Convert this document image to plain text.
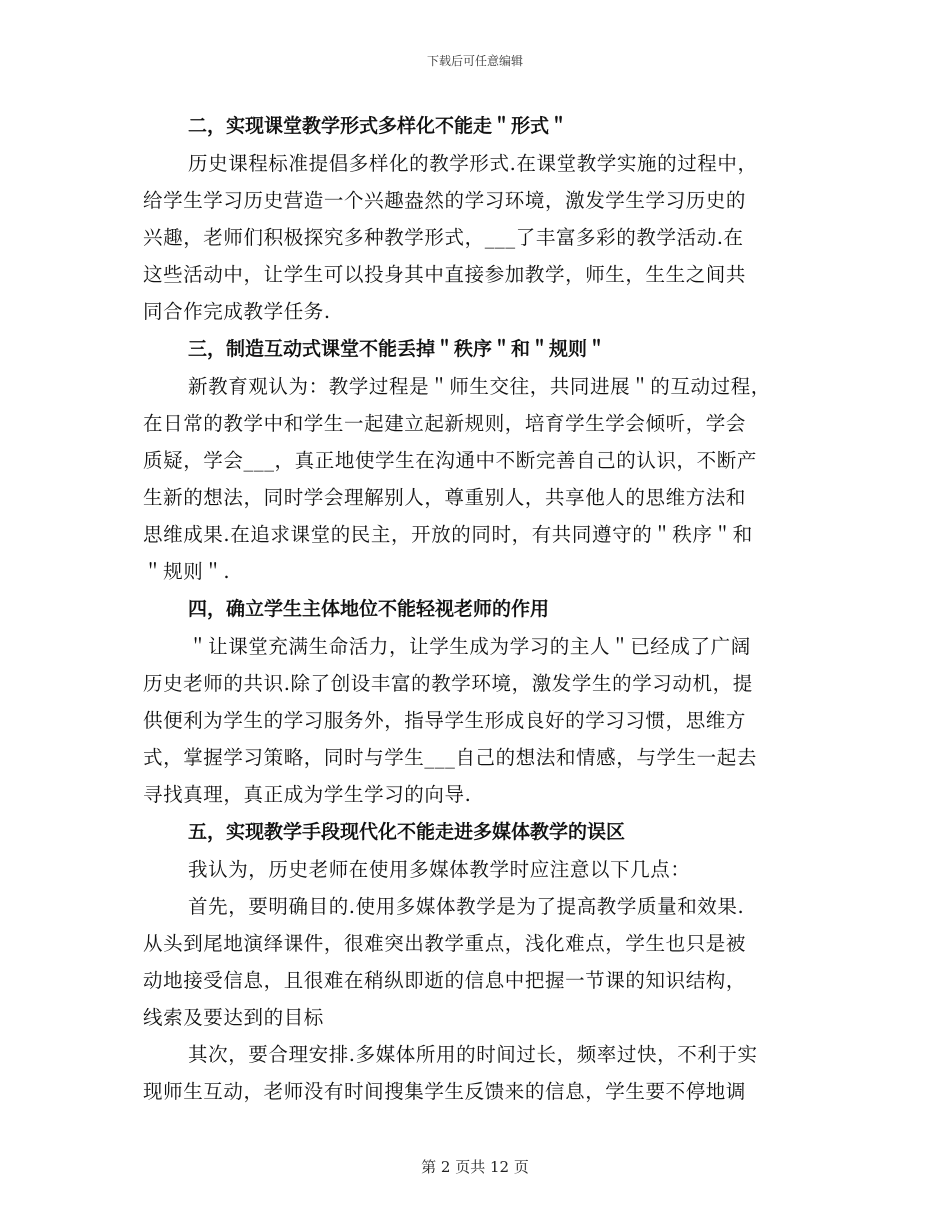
下载后可任意编辑
二，实现课堂教学形式多样化不能走＂形式＂
历史课程标准提倡多样化的教学形式.在课堂教学实施的过程中，
给学生学习历史营造一个兴趣盎然的学习环境，激发学生学习历史的
兴趣，老师们积极探究多种教学形式，___了丰富多彩的教学活动.在
这些活动中，让学生可以投身其中直接参加教学，师生，生生之间共
同合作完成教学任务.
三，制造互动式课堂不能丢掉＂秩序＂和＂规则＂
新教育观认为：教学过程是＂师生交往，共同进展＂的互动过程，
在日常的教学中和学生一起建立起新规则，培育学生学会倾听，学会
质疑，学会___，真正地使学生在沟通中不断完善自己的认识，不断产
生新的想法，同时学会理解别人，尊重别人，共享他人的思维方法和
思维成果.在追求课堂的民主，开放的同时，有共同遵守的＂秩序＂和
＂规则＂.
四，确立学生主体地位不能轻视老师的作用
＂让课堂充满生命活力，让学生成为学习的主人＂已经成了广阔
历史老师的共识.除了创设丰富的教学环境，激发学生的学习动机，提
供便利为学生的学习服务外，指导学生形成良好的学习习惯，思维方
式，掌握学习策略，同时与学生___自己的想法和情感，与学生一起去
寻找真理，真正成为学生学习的向导.
五，实现教学手段现代化不能走进多媒体教学的误区
我认为，历史老师在使用多媒体教学时应注意以下几点：
首先，要明确目的.使用多媒体教学是为了提高教学质量和效果.
从头到尾地演绎课件，很难突出教学重点，浅化难点，学生也只是被
动地接受信息，且很难在稍纵即逝的信息中把握一节课的知识结构，
线索及要达到的目标
其次，要合理安排.多媒体所用的时间过长，频率过快，不利于实
现师生互动，老师没有时间搜集学生反馈来的信息，学生要不停地调
第 2 页共 12 页
